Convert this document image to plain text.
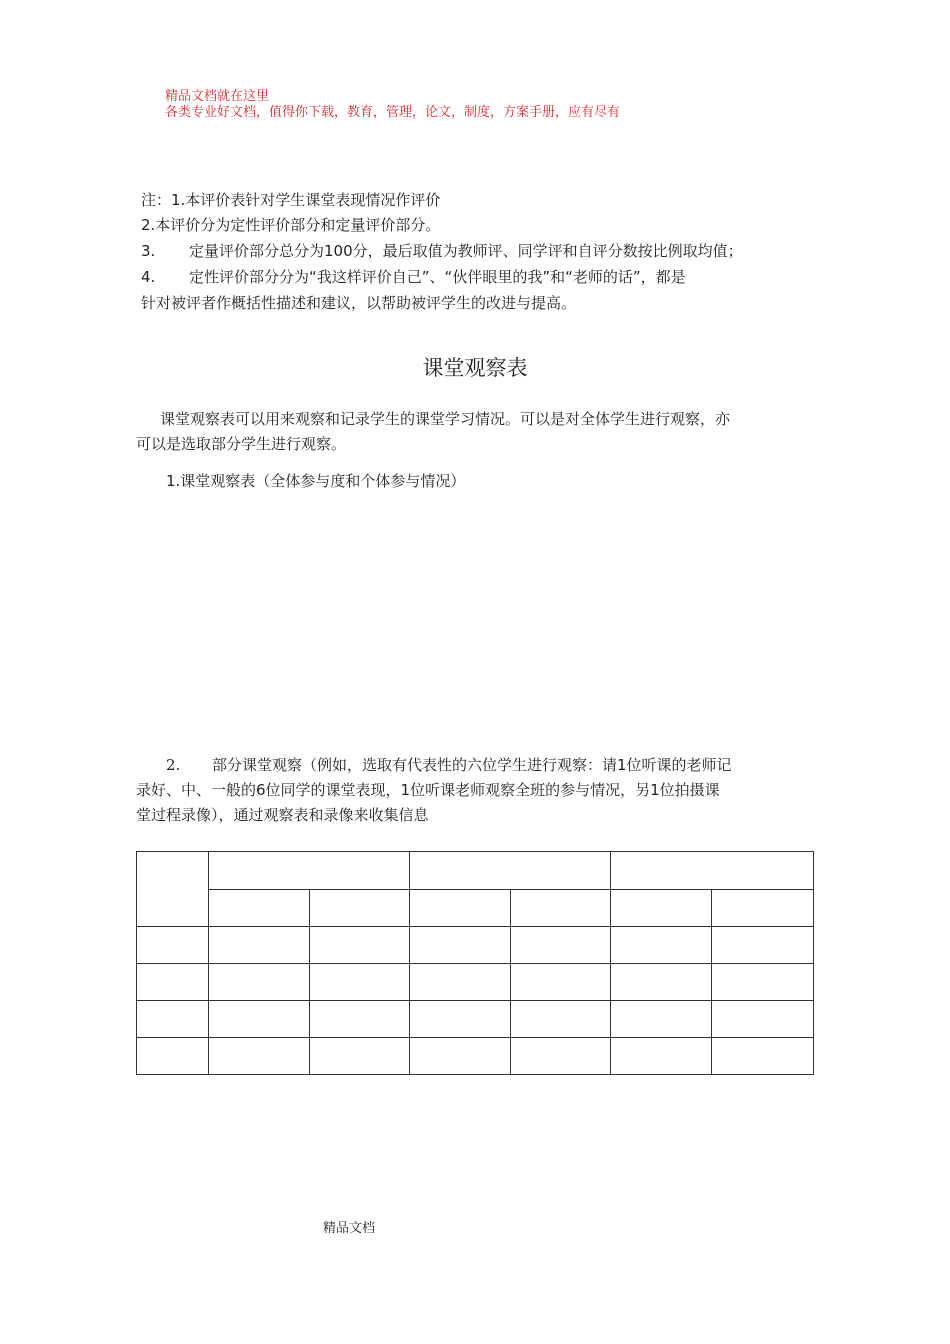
精品文档就在这里
各类专业好文档，值得你下载，教育，管理，论文，制度，方案手册，应有尽有
注：1.本评价表针对学生课堂表现情况作评价
2.本评价分为定性评价部分和定量评价部分。
3. 定量评价部分总分为100分，最后取值为教师评、同学评和自评分数按比例取均值；
4. 定性评价部分分为“我这样评价自己”、“伙伴眼里的我”和“老师的话”，都是
针对被评者作概括性描述和建议，以帮助被评学生的改进与提高。
课堂观察表
课堂观察表可以用来观察和记录学生的课堂学习情况。可以是对全体学生进行观察，亦
可以是选取部分学生进行观察。
1.课堂观察表（全体参与度和个体参与情况）
2. 部分课堂观察（例如，选取有代表性的六位学生进行观察：请1位听课的老师记
录好、中、一般的6位同学的课堂表现，1位听课老师观察全班的参与情况，另1位拍摄课
堂过程录像），通过观察表和录像来收集信息

精品文档
